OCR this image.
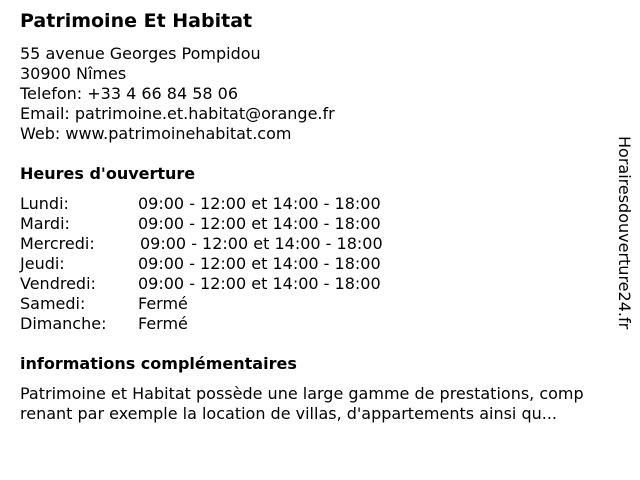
Patrimoine Et Habitat
55 avenue Georges Pompidou
30900 Nîmes
Telefon: +33 4 66 84 58 06
Email: patrimoine.et.habitat@orange.fr
Web: www.patrimoinehabitat.com
Heures d'ouverture
Lundi:	09:00 - 12:00 et 14:00 - 18:00
Mardi:	09:00 - 12:00 et 14:00 - 18:00
Mercredi:	09:00 - 12:00 et 14:00 - 18:00
Jeudi:	09:00 - 12:00 et 14:00 - 18:00
Vendredi:	09:00 - 12:00 et 14:00 - 18:00
Samedi:	Fermé
Dimanche: Fermé
informations complémentaires
Patrimoine et Habitat possède une large gamme de prestations, comp
renant par exemple la location de villas, d'appartements ainsi qu...
Horairesdouverture24.fr
